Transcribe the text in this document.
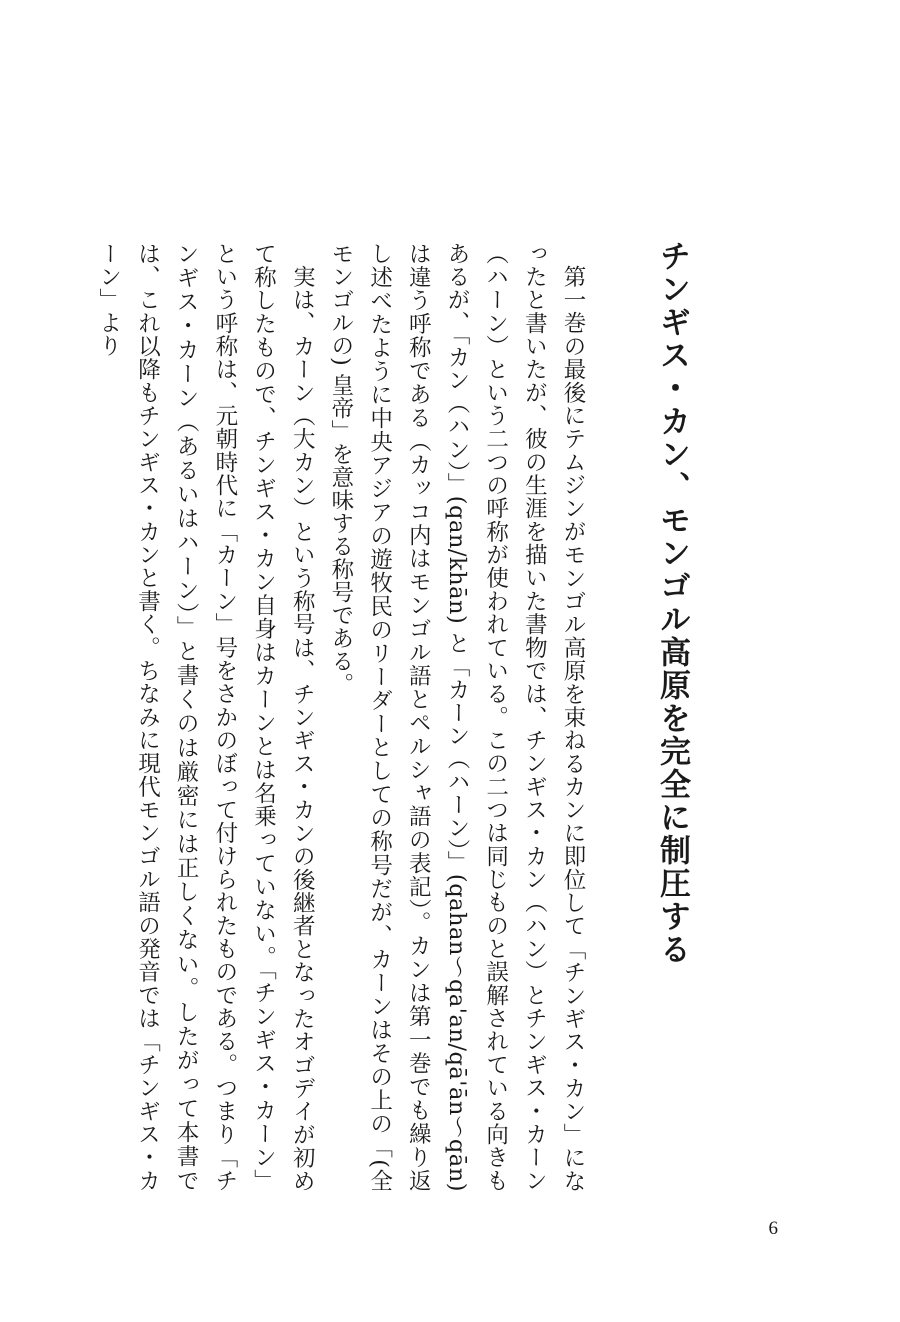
チンギス・カン、モンゴル高原を完全に制圧する

第一巻の最後にテムジンがモンゴル高原を束ねるカンに即位して「チンギス・カン」になったと書いたが、彼の生涯を描いた書物では、チンギス・カン（ハン）とチンギス・カーン（ハーン）という二つの呼称が使われている。この二つは同じものと誤解されている向きもあるが、「カン（ハン）」(qan/khān) と「カーン（ハーン）」(qahan〜qa'an/qā'ān〜qān) は違う呼称である（カッコ内はモンゴル語とペルシャ語の表記）。カンは第一巻でも繰り返し述べたように中央アジアの遊牧民のリーダーとしての称号だが、カーンはその上の「(全モンゴルの) 皇帝」を意味する称号である。

実は、カーン（大カン）という称号は、チンギス・カンの後継者となったオゴデイが初めて称したもので、チンギス・カン自身はカーンとは名乗っていない。「チンギス・カーン」という呼称は、元朝時代に「カーン」号をさかのぼって付けられたものである。つまり「チンギス・カーン（あるいはハーン）」と書くのは厳密には正しくない。したがって本書では、これ以降もチンギス・カンと書く。ちなみに現代モンゴル語の発音では「チンギス・カーン」より

6
